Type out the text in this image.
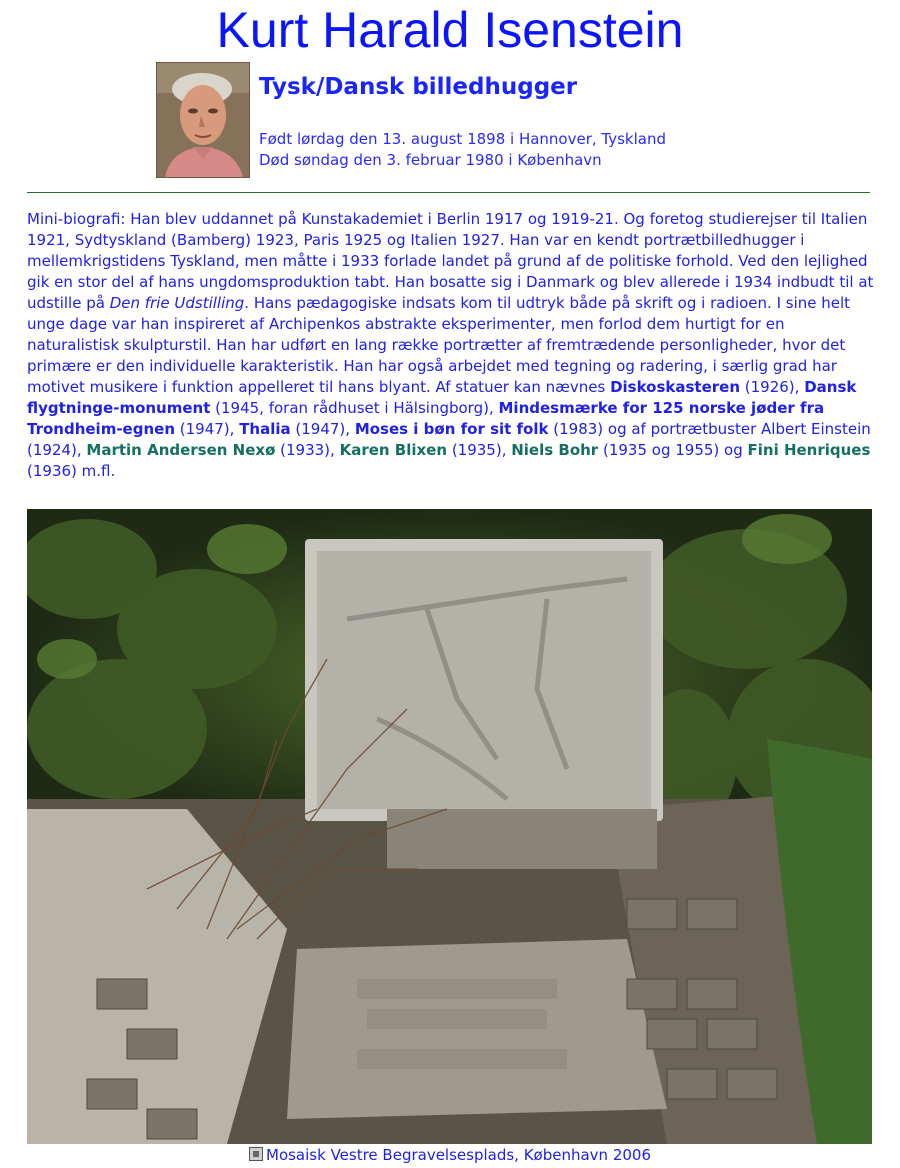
Kurt Harald Isenstein
Tysk/Dansk billedhugger
Født lørdag den 13. august 1898 i Hannover, Tyskland
Død søndag den 3. februar 1980 i København
Mini-biografi: Han blev uddannet på Kunstakademiet i Berlin 1917 og 1919-21. Og foretog studierejser til Italien 1921, Sydtyskland (Bamberg) 1923, Paris 1925 og Italien 1927. Han var en kendt portrætbilledhugger i mellemkrigstidens Tyskland, men måtte i 1933 forlade landet på grund af de politiske forhold. Ved den lejlighed gik en stor del af hans ungdomsproduktion tabt. Han bosatte sig i Danmark og blev allerede i 1934 indbudt til at udstille på Den frie Udstilling. Hans pædagogiske indsats kom til udtryk både på skrift og i radioen. I sine helt unge dage var han inspireret af Archipenkos abstrakte eksperimenter, men forlod dem hurtigt for en naturalistisk skulpturstil. Han har udført en lang række portrætter af fremtrædende personligheder, hvor det primære er den individuelle karakteristik. Han har også arbejdet med tegning og radering, i særlig grad har motivet musikere i funktion appelleret til hans blyant. Af statuer kan nævnes Diskoskasteren (1926), Dansk flygtninge-monument (1945, foran rådhuset i Hälsingborg), Mindesmærke for 125 norske jøder fra Trondheim-egnen (1947), Thalia (1947), Moses i bøn for sit folk (1983) og af portrætbuster Albert Einstein (1924), Martin Andersen Nexø (1933), Karen Blixen (1935), Niels Bohr (1935 og 1955) og Fini Henriques (1936) m.fl.
Mosaisk Vestre Begravelsesplads, København 2006
